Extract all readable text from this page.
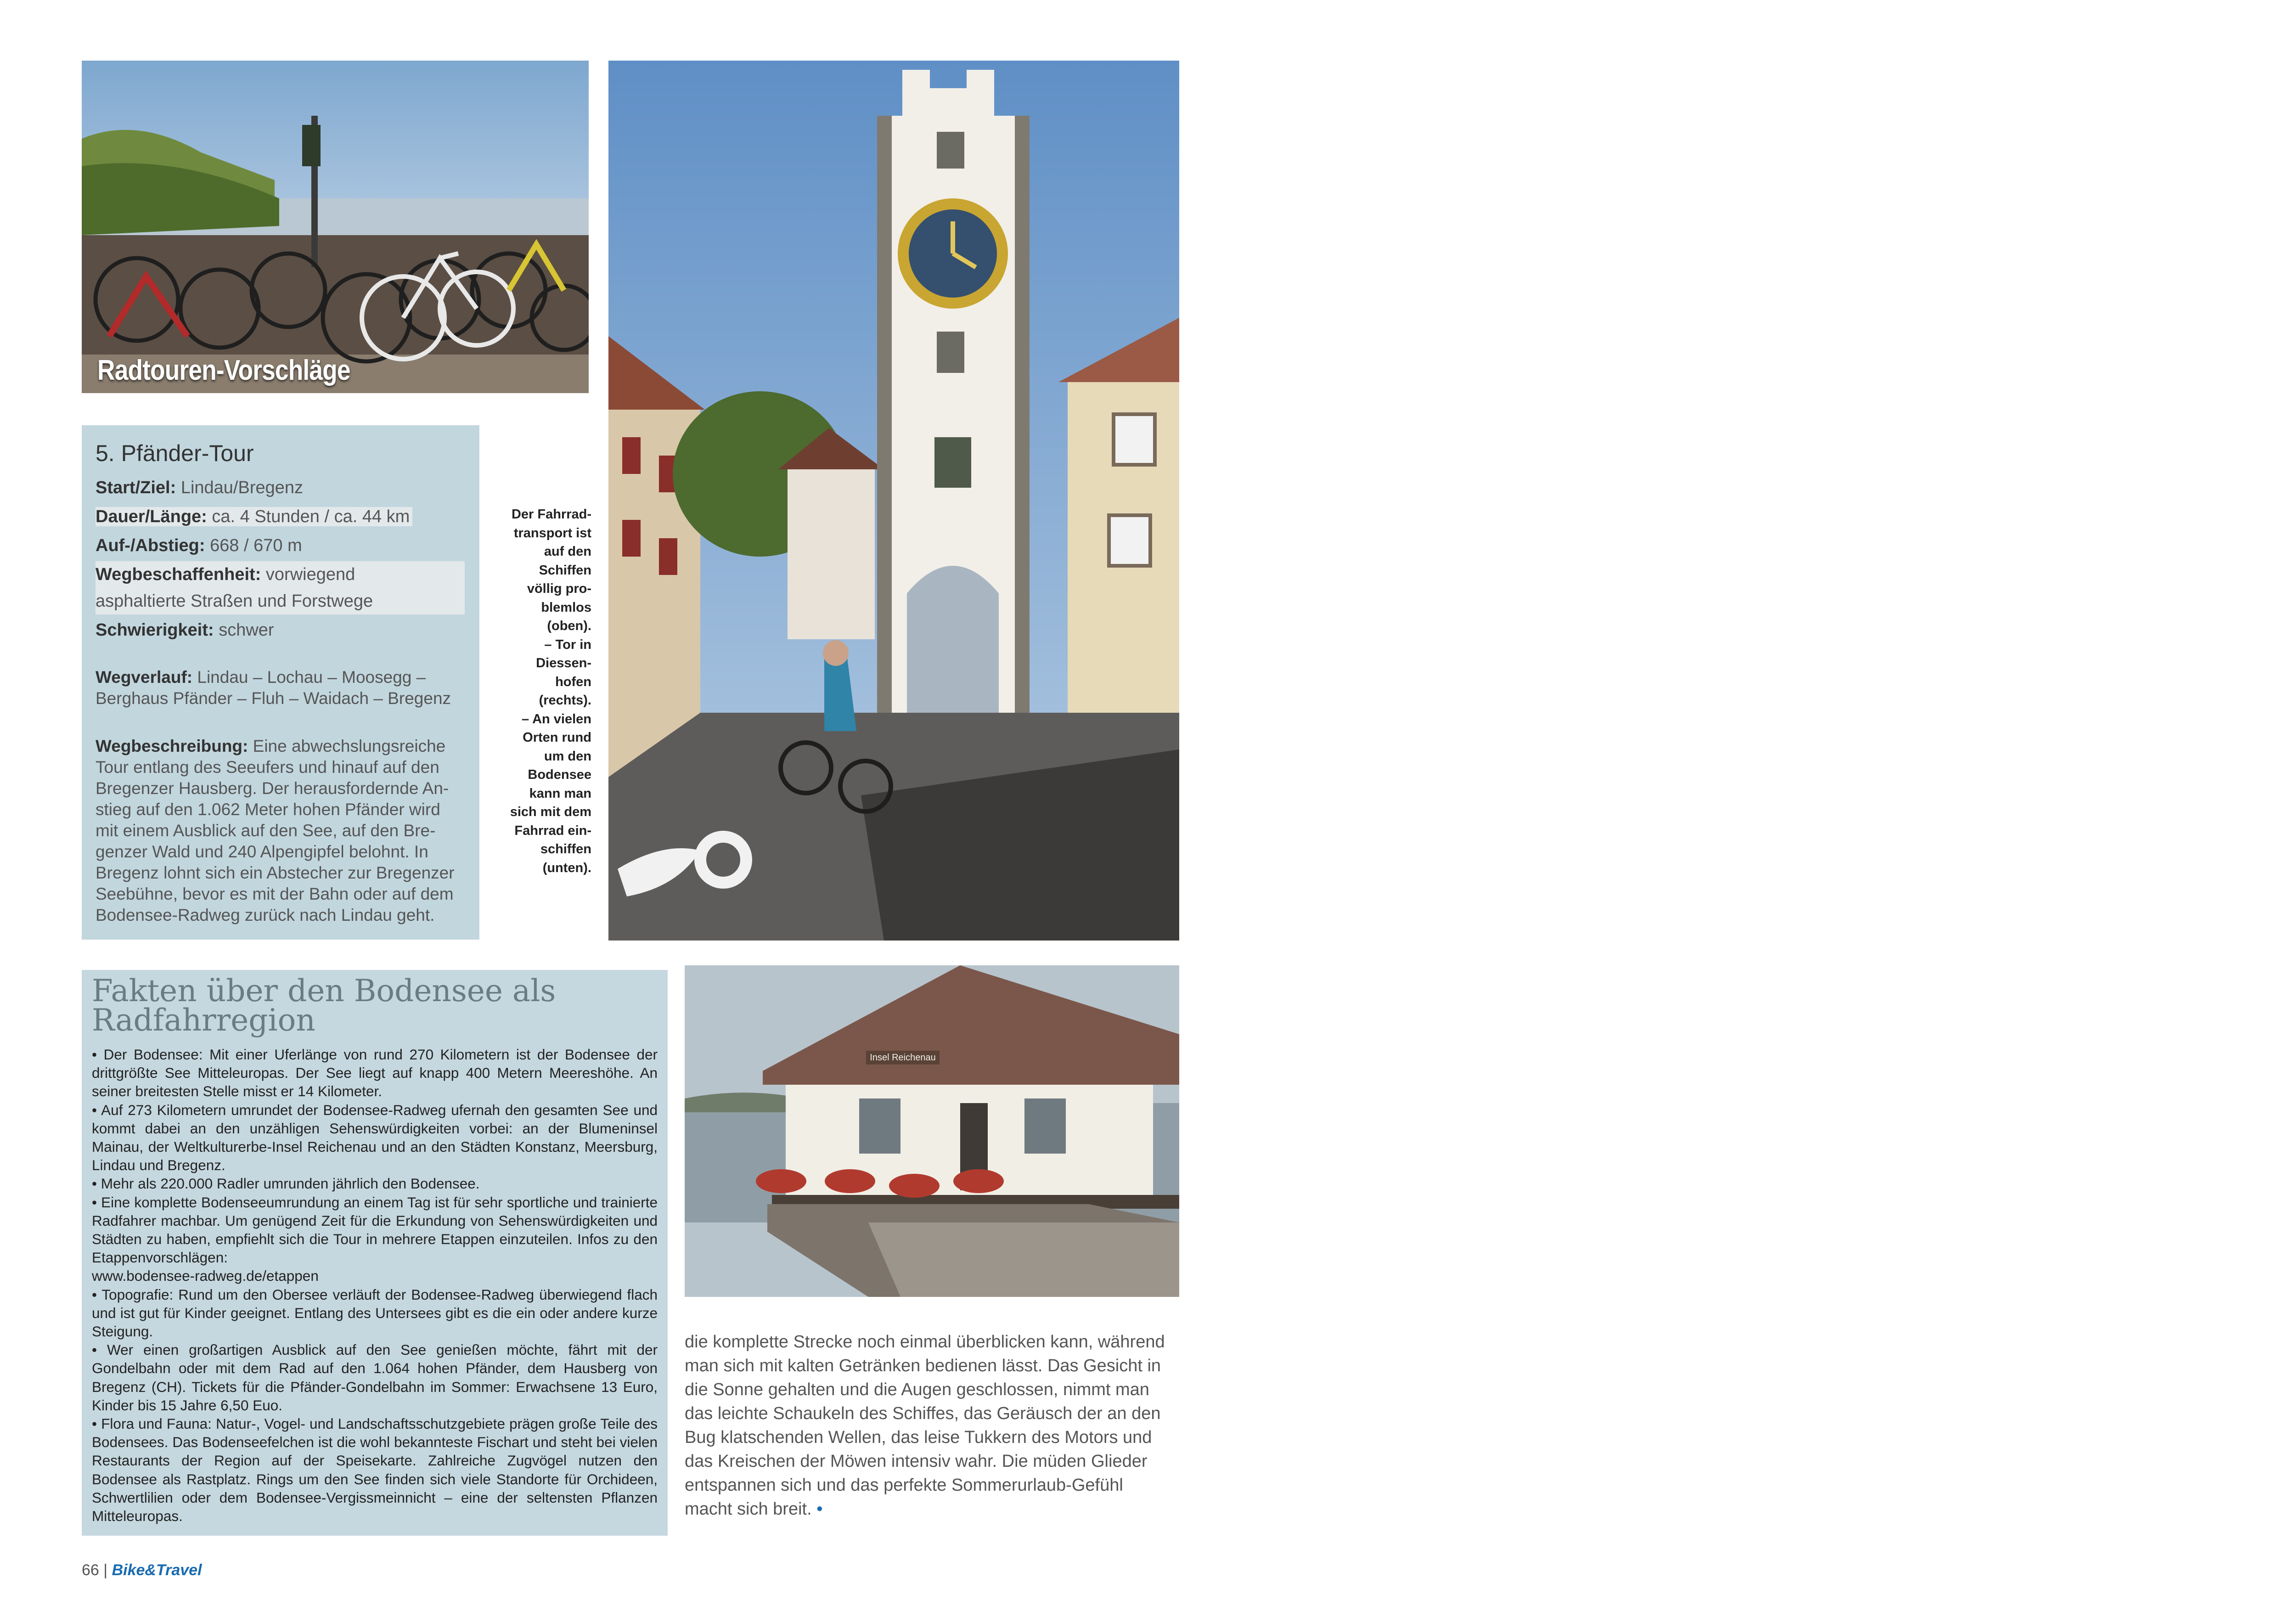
Radtouren-Vorschläge
5. Pfänder-Tour
Start/Ziel: Lindau/Bregenz
Dauer/Länge: ca. 4 Stunden / ca. 44 km
Auf-/Abstieg: 668 / 670 m
Wegbeschaffenheit: vorwiegend
asphaltierte Straßen und Forstwege
Schwierigkeit: schwer
Wegverlauf: Lindau – Lochau – Moosegg –
Berghaus Pfänder – Fluh – Waidach – Bregenz
Wegbeschreibung: Eine abwechslungsreiche
Tour entlang des Seeufers und hinauf auf den
Bregenzer Hausberg. Der herausfordernde An-
stieg auf den 1.062 Meter hohen Pfänder wird
mit einem Ausblick auf den See, auf den Bre-
genzer Wald und 240 Alpengipfel belohnt. In
Bregenz lohnt sich ein Abstecher zur Bregenzer
Seebühne, bevor es mit der Bahn oder auf dem
Bodensee-Radweg zurück nach Lindau geht.
Der Fahrrad-
transport ist
auf den
Schiffen
völlig pro-
blemlos
(oben).
– Tor in
Diessen-
hofen
(rechts).
– An vielen
Orten rund
um den
Bodensee
kann man
sich mit dem
Fahrrad ein-
schiffen
(unten).
Fakten über den Bodensee als
Radfahrregion

• Der Bodensee: Mit einer Uferlänge von rund 270 Kilometern ist der Bodensee der drittgrößte See Mitteleuropas. Der See liegt auf knapp 400 Metern Meereshöhe. An seiner breitesten Stelle misst er 14 Kilometer.

• Auf 273 Kilometern umrundet der Bodensee-Radweg ufernah den gesamten See und kommt dabei an den unzähligen Sehenswürdigkeiten vorbei: an der Blumeninsel Mainau, der Weltkulturerbe-Insel Reichenau und an den Städten Konstanz, Meersburg, Lindau und Bregenz.

• Mehr als 220.000 Radler umrunden jährlich den Bodensee.

• Eine komplette Bodenseeumrundung an einem Tag ist für sehr sportliche und trainierte Radfahrer machbar. Um genügend Zeit für die Erkundung von Sehenswürdigkeiten und Städten zu haben, empfiehlt sich die Tour in mehrere Etappen einzuteilen. Infos zu den Etappenvorschlägen:

www.bodensee-radweg.de/etappen

• Topografie: Rund um den Obersee verläuft der Bodensee-Radweg überwiegend flach und ist gut für Kinder geeignet. Entlang des Untersees gibt es die ein oder andere kurze Steigung.

• Wer einen großartigen Ausblick auf den See genießen möchte, fährt mit der Gondelbahn oder mit dem Rad auf den 1.064 hohen Pfänder, dem Hausberg von Bregenz (CH). Tickets für die Pfänder-Gondelbahn im Sommer: Erwachsene 13 Euro, Kinder bis 15 Jahre 6,50 Euo.

• Flora und Fauna: Natur-, Vogel- und Landschaftsschutzgebiete prägen große Teile des Bodensees. Das Bodenseefelchen ist die wohl bekannteste Fischart und steht bei vielen Restaurants der Region auf der Speisekarte. Zahlreiche Zugvögel nutzen den Bodensee als Rastplatz. Rings um den See finden sich viele Standorte für Orchideen, Schwertlilien oder dem Bodensee-Vergissmeinnicht – eine der seltensten Pflanzen Mitteleuropas.

Insel Reichenau
die komplette Strecke noch einmal überblicken kann, während
man sich mit kalten Getränken bedienen lässt. Das Gesicht in
die Sonne gehalten und die Augen geschlossen, nimmt man
das leichte Schaukeln des Schiffes, das Geräusch der an den
Bug klatschenden Wellen, das leise Tukkern des Motors und
das Kreischen der Möwen intensiv wahr. Die müden Glieder
entspannen sich und das perfekte Sommerurlaub-Gefühl
macht sich breit. •
66 | Bike&Travel
